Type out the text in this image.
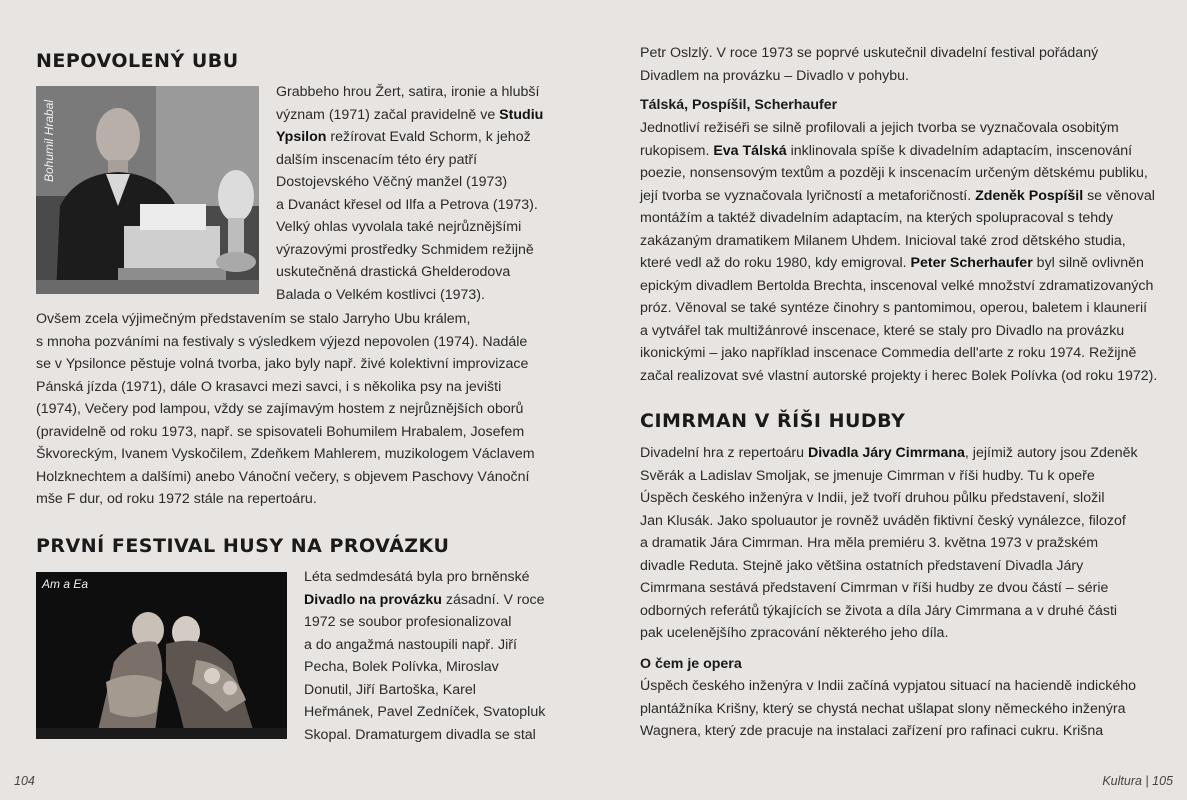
NEPOVOLENÝ UBU
Bohumil Hrabal
Grabbeho hrou Žert, satira, ironie a hlubší
význam (1971) začal pravidelně ve Studiu
Ypsilon režírovat Evald Schorm, k jehož
dalším inscenacím této éry patří
Dostojevského Věčný manžel (1973)
a Dvanáct křesel od Ilfa a Petrova (1973).
Velký ohlas vyvolala také nejrůznějšími
výrazovými prostředky Schmidem režijně
uskutečněná drastická Ghelderodova
Balada o Velkém kostlivci (1973).
Ovšem zcela výjimečným představením se stalo Jarryho Ubu králem,
s mnoha pozváními na festivaly s výsledkem výjezd nepovolen (1974). Nadále
se v Ypsiloncе pěstuje volná tvorba, jako byly např. živé kolektivní improvizace
Pánská jízda (1971), dále O krasavci mezi savci, i s několika psy na jevišti
(1974), Večery pod lampou, vždy se zajímavým hostem z nejrůznějších oborů
(pravidelně od roku 1973, např. se spisovateli Bohumilem Hrabalem, Josefem
Škvoreckým, Ivanem Vyskočilem, Zdeňkem Mahlerem, muzikologem Václavem
Holzknechtem a dalšími) anebo Vánoční večery, s objevem Paschovy Vánoční
mše F dur, od roku 1972 stále na repertoáru.
PRVNÍ FESTIVAL HUSY NA PROVÁZKU
Am a Ea	Léta sedmdesátá byla pro brněnské
Divadlo na provázku zásadní. V roce
1972 se soubor profesionalizoval
a do angažmá nastoupili např. Jiří
Pecha, Bolek Polívka, Miroslav
Donutil, Jiří Bartoška, Karel
Heřmánek, Pavel Zedníček, Svatopluk
Skopal. Dramaturgem divadla se stal
104
Petr Oslzlý. V roce 1973 se poprvé uskutečnil divadelní festival pořádaný
Divadlem na provázku – Divadlo v pohybu.
Tálská, Pospíšil, Scherhaufer
Jednotliví režiséři se silně profilovali a jejich tvorba se vyznačovala osobitým
rukopisem. Eva Tálská inklinovala spíše k divadelním adaptacím, inscenování
poezie, nonsensovým textům a později k inscenacím určeným dětskému publiku,
její tvorba se vyznačovala lyričností a metaforičností. Zdeněk Pospíšil se věnoval
montážím a taktéž divadelním adaptacím, na kterých spolupracoval s tehdy
zakázaným dramatikem Milanem Uhdem. Inicioval také zrod dětského studia,
které vedl až do roku 1980, kdy emigroval. Peter Scherhaufer byl silně ovlivněn
epickým divadlem Bertolda Brechta, inscenoval velké množství zdramatizovaných
próz. Věnoval se také syntéze činohry s pantomimou, operou, baletem i klaunerií
a vytvářel tak multižánrové inscenace, které se staly pro Divadlo na provázku
ikonickými – jako například inscenace Commedia dell'arte z roku 1974. Režijně
začal realizovat své vlastní autorské projekty i herec Bolek Polívka (od roku 1972).
CIMRMAN V ŘÍŠI HUDBY
Divadelní hra z repertoáru Divadla Járy Cimrmana, jejímiž autory jsou Zdeněk
Svěrák a Ladislav Smoljak, se jmenuje Cimrman v říši hudby. Tu k opeře
Úspěch českého inženýra v Indii, jež tvoří druhou půlku představení, složil
Jan Klusák. Jako spoluautor je rovněž uváděn fiktivní český vynálezce, filozof
a dramatik Jára Cimrman. Hra měla premiéru 3. května 1973 v pražském
divadle Reduta. Stejně jako většina ostatních představení Divadla Járy
Cimrmana sestává představení Cimrman v říši hudby ze dvou částí – série
odborných referátů týkajících se života a díla Járy Cimrmana a v druhé části
pak ucelenějšího zpracování některého jeho díla.
O čem je opera
Úspěch českého inženýra v Indii začíná vypjatou situací na haciendě indického
plantážníka Krišny, který se chystá nechat ušlapat slony německého inženýra
Wagnera, který zde pracuje na instalaci zařízení pro rafinaci cukru. Krišna
Kultura | 105
